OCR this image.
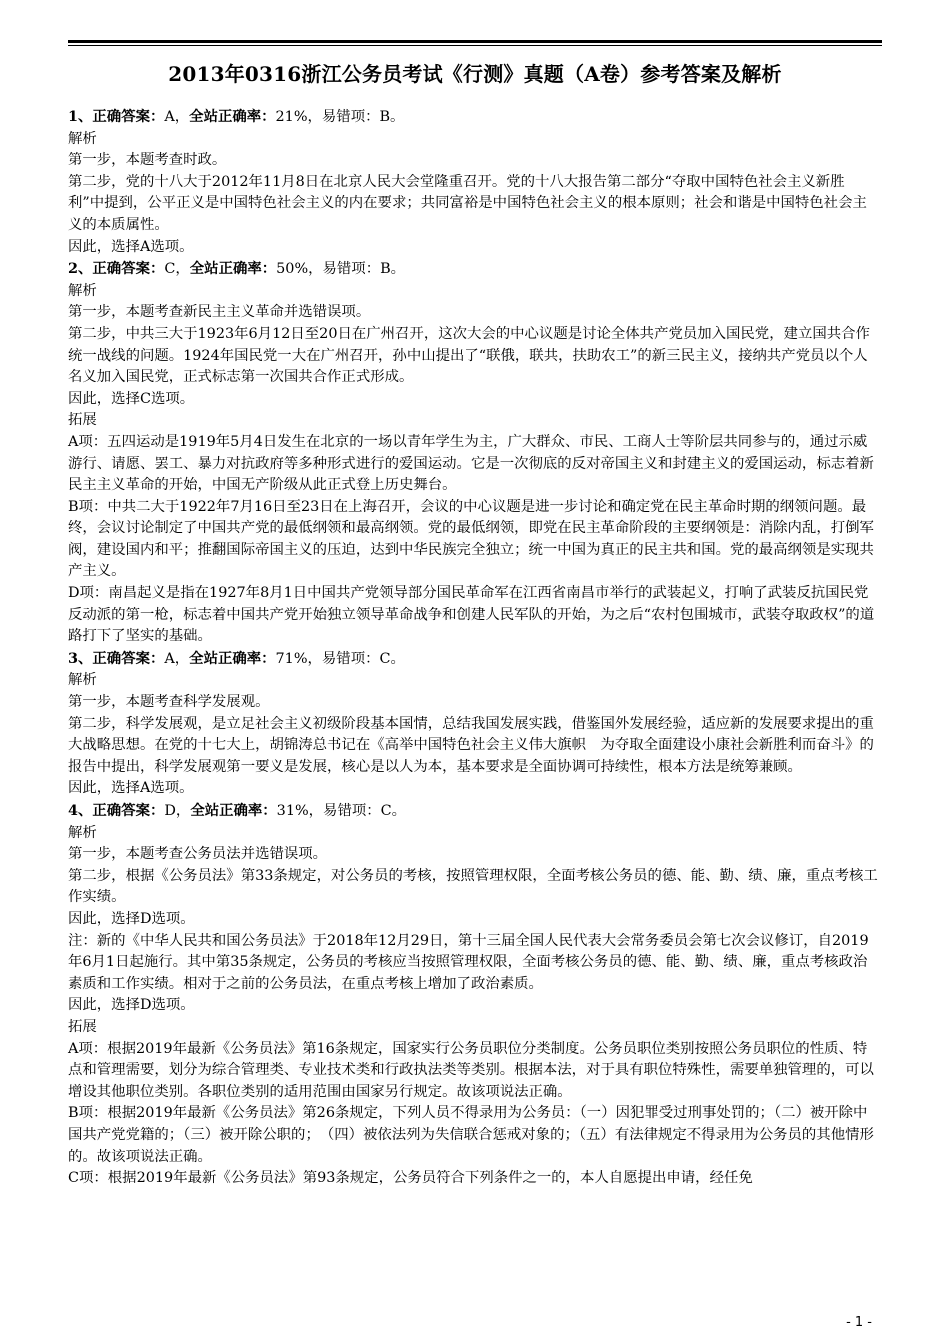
2013年0316浙江公务员考试《行测》真题（A卷）参考答案及解析

1、正确答案：A，全站正确率：21%，易错项：B。

解析

第一步，本题考查时政。

第二步，党的十八大于2012年11月8日在北京人民大会堂隆重召开。党的十八大报告第二部分“夺取中国特色社会主义新胜利”中提到，公平正义是中国特色社会主义的内在要求；共同富裕是中国特色社会主义的根本原则；社会和谐是中国特色社会主义的本质属性。

因此，选择A选项。

2、正确答案：C，全站正确率：50%，易错项：B。

解析

第一步，本题考查新民主主义革命并选错误项。

第二步，中共三大于1923年6月12日至20日在广州召开，这次大会的中心议题是讨论全体共产党员加入国民党，建立国共合作统一战线的问题。1924年国民党一大在广州召开，孙中山提出了“联俄，联共，扶助农工”的新三民主义，接纳共产党员以个人名义加入国民党，正式标志第一次国共合作正式形成。

因此，选择C选项。

拓展

A项：五四运动是1919年5月4日发生在北京的一场以青年学生为主，广大群众、市民、工商人士等阶层共同参与的，通过示威游行、请愿、罢工、暴力对抗政府等多种形式进行的爱国运动。它是一次彻底的反对帝国主义和封建主义的爱国运动，标志着新民主主义革命的开始，中国无产阶级从此正式登上历史舞台。

B项：中共二大于1922年7月16日至23日在上海召开，会议的中心议题是进一步讨论和确定党在民主革命时期的纲领问题。最终，会议讨论制定了中国共产党的最低纲领和最高纲领。党的最低纲领，即党在民主革命阶段的主要纲领是：消除内乱，打倒军阀，建设国内和平；推翻国际帝国主义的压迫，达到中华民族完全独立；统一中国为真正的民主共和国。党的最高纲领是实现共产主义。

D项：南昌起义是指在1927年8月1日中国共产党领导部分国民革命军在江西省南昌市举行的武装起义，打响了武装反抗国民党反动派的第一枪，标志着中国共产党开始独立领导革命战争和创建人民军队的开始，为之后“农村包围城市，武装夺取政权”的道路打下了坚实的基础。

3、正确答案：A，全站正确率：71%，易错项：C。

解析

第一步，本题考查科学发展观。

第二步，科学发展观，是立足社会主义初级阶段基本国情，总结我国发展实践，借鉴国外发展经验，适应新的发展要求提出的重大战略思想。在党的十七大上，胡锦涛总书记在《高举中国特色社会主义伟大旗帜　为夺取全面建设小康社会新胜利而奋斗》的报告中提出，科学发展观第一要义是发展，核心是以人为本，基本要求是全面协调可持续性，根本方法是统筹兼顾。

因此，选择A选项。

4、正确答案：D，全站正确率：31%，易错项：C。

解析

第一步，本题考查公务员法并选错误项。

第二步，根据《公务员法》第33条规定，对公务员的考核，按照管理权限，全面考核公务员的德、能、勤、绩、廉，重点考核工作实绩。

因此，选择D选项。

注：新的《中华人民共和国公务员法》于2018年12月29日，第十三届全国人民代表大会常务委员会第七次会议修订，自2019年6月1日起施行。其中第35条规定，公务员的考核应当按照管理权限，全面考核公务员的德、能、勤、绩、廉，重点考核政治素质和工作实绩。相对于之前的公务员法，在重点考核上增加了政治素质。

因此，选择D选项。

拓展

A项：根据2019年最新《公务员法》第16条规定，国家实行公务员职位分类制度。公务员职位类别按照公务员职位的性质、特点和管理需要，划分为综合管理类、专业技术类和行政执法类等类别。根据本法，对于具有职位特殊性，需要单独管理的，可以增设其他职位类别。各职位类别的适用范围由国家另行规定。故该项说法正确。

B项：根据2019年最新《公务员法》第26条规定，下列人员不得录用为公务员：（一）因犯罪受过刑事处罚的；（二）被开除中国共产党党籍的；（三）被开除公职的；　（四）被依法列为失信联合惩戒对象的；（五）有法律规定不得录用为公务员的其他情形的。故该项说法正确。

C项：根据2019年最新《公务员法》第93条规定，公务员符合下列条件之一的，本人自愿提出申请，经任免

- 1 -
